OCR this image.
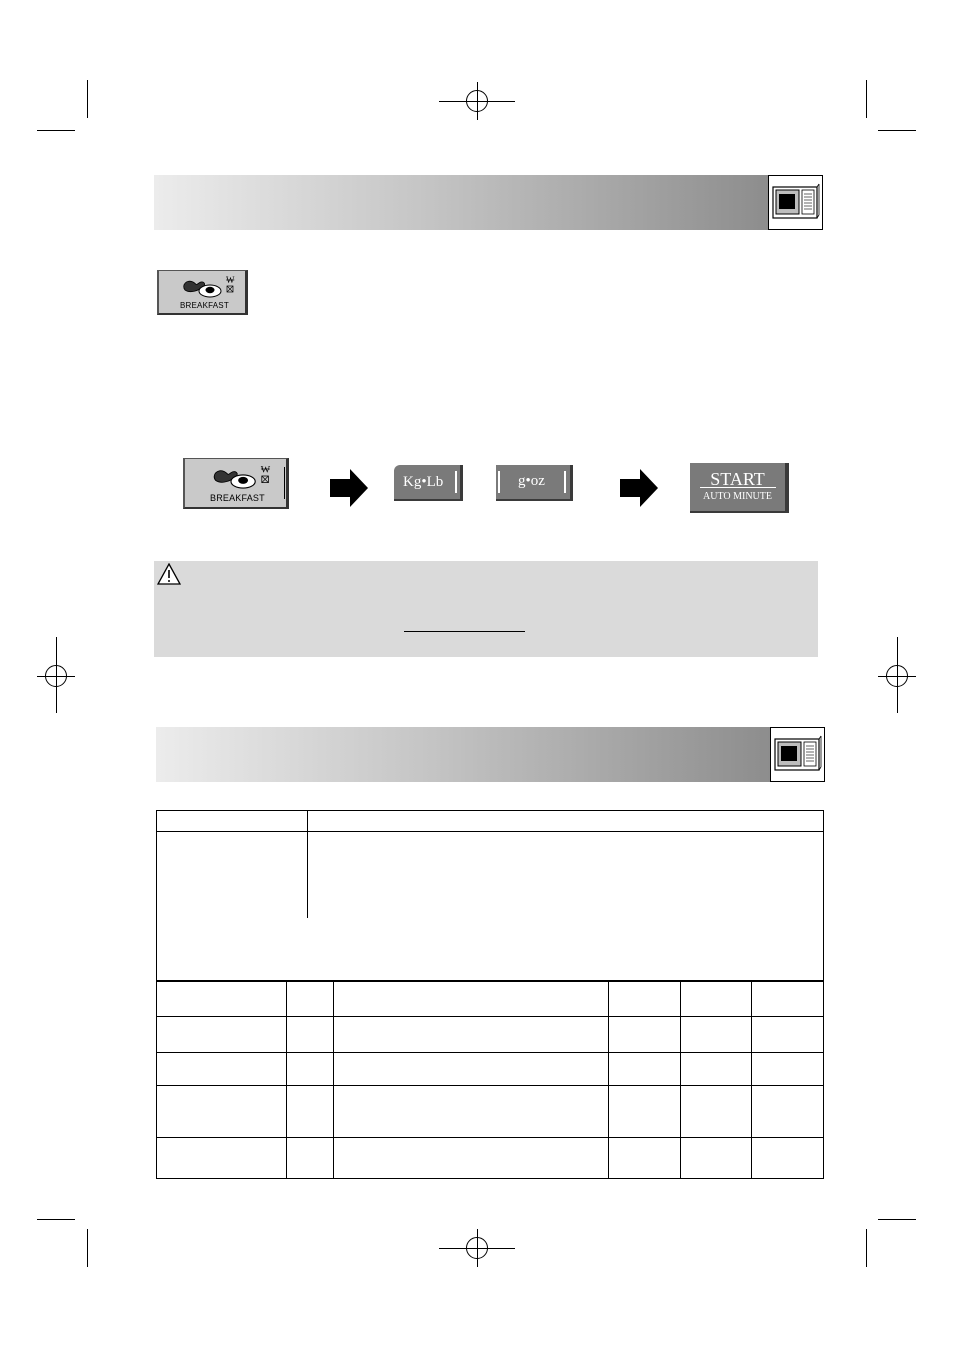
₩
BREAKFAST
₩
BREAKFAST
Kg•Lb	g•oz	START
AUTO MINUTE
